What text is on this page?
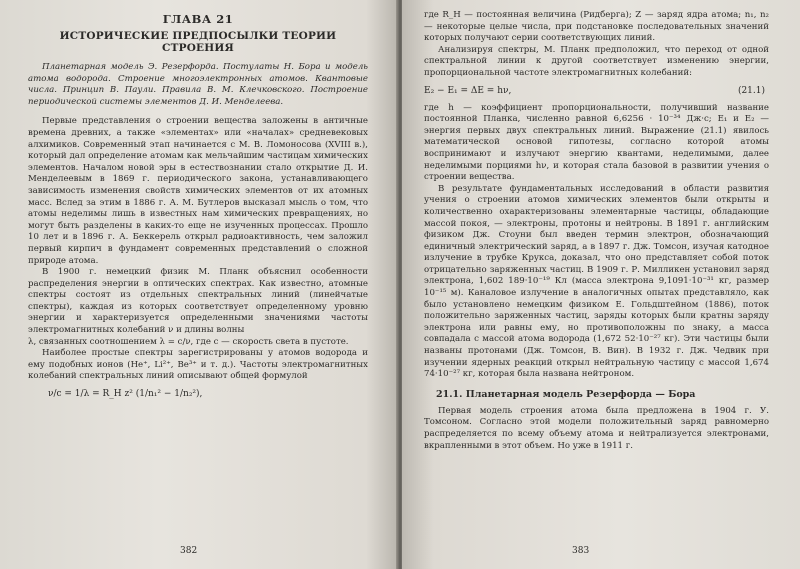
ГЛАВА 21
ИСТОРИЧЕСКИЕ ПРЕДПОСЫЛКИ ТЕОРИИ СТРОЕНИЯ

Планетарная модель Э. Резерфорда. Постулаты Н. Бора и модель атома водорода. Строение многоэлектронных атомов. Квантовые числа. Принцип В. Паули. Правила В. М. Клечковского. Построение периодической системы элементов Д. И. Менделеева.

Первые представления о строении вещества заложены в античные времена древних, а также «элементах» или «началах» средневековых алхимиков. Современный этап начинается с М. В. Ломоносова (XVIII в.), который дал определение атомам как мельчайшим частицам химических элементов. Началом новой эры в естествознании стало открытие Д. И. Менделеевым в 1869 г. периодического закона, устанавливающего зависимость изменения свойств химических элементов от их атомных масс. Вслед за этим в 1886 г. А. М. Бутлеров высказал мысль о том, что атомы неделимы лишь в известных нам химических превращениях, но могут быть разделены в каких-то еще не изученных процессах. Прошло 10 лет и в 1896 г. А. Беккерель открыл радиоактивность, чем заложил первый кирпич в фундамент современных представлений о сложной природе атома.

В 1900 г. немецкий физик М. Планк объяснил особенности распределения энергии в оптических спектрах. Как известно, атомные спектры состоят из отдельных спектральных линий (линейчатые спектры), каждая из которых соответствует определенному уровню энергии и характеризуется определенными значениями частоты электромагнитных колебаний ν и длины волны

λ, связанных соотношением λ = c/ν, где c — скорость света в пустоте.

Наиболее простые спектры зарегистрированы у атомов водорода и ему подобных ионов (He⁺, Li²⁺, Be³⁺ и т. д.). Частоты электромагнитных колебаний спектральных линий описывают общей формулой

ν/c = 1/λ = R_H z² (1/n₁² − 1/n₂²),
382

где R_H — постоянная величина (Ридберга); Z — заряд ядра атома; n₁, n₂ — некоторые целые числа, при подстановке последовательных значений которых получают серии соответствующих линий.

Анализируя спектры, М. Планк предположил, что переход от одной спектральной линии к другой соответствует изменению энергии, пропорциональной частоте электромагнитных колебаний:

E₂ − E₁ = ΔE = hν,	(21.1)

где h — коэффициент пропорциональности, получивший название постоянной Планка, численно равной 6,6256 · 10⁻³⁴ Дж·с; E₁ и E₂ — энергия первых двух спектральных линий. Выражение (21.1) явилось математической основой гипотезы, согласно которой атомы воспринимают и излучают энергию квантами, неделимыми, далее неделимыми порциями hν, и которая стала базовой в развитии учения о строении вещества.

В результате фундаментальных исследований в области развития учения о строении атомов химических элементов были открыты и количественно охарактеризованы элементарные частицы, обладающие массой покоя, — электроны, протоны и нейтроны. В 1891 г. английским физиком Дж. Стоуни был введен термин электрон, обозначающий единичный электрический заряд, а в 1897 г. Дж. Томсон, изучая катодное излучение в трубке Крукса, доказал, что оно представляет собой поток отрицательно заряженных частиц. В 1909 г. Р. Милликен установил заряд электрона, 1,602 189·10⁻¹⁹ Кл (масса электрона 9,1091·10⁻³¹ кг, размер 10⁻¹⁵ м). Каналовое излучение в аналогичных опытах представляло, как было установлено немецким физиком Е. Гольдштейном (1886), поток положительно заряженных частиц, заряды которых были кратны заряду электрона или равны ему, но противоположны по знаку, а масса совпадала с массой атома водорода (1,672 52·10⁻²⁷ кг). Эти частицы были названы протонами (Дж. Томсон, В. Вин). В 1932 г. Дж. Чедвик при изучении ядерных реакций открыл нейтральную частицу с массой 1,674 74·10⁻²⁷ кг, которая была названа нейтроном.

21.1. Планетарная модель Резерфорда — Бора

Первая модель строения атома была предложена в 1904 г. У. Томсоном. Согласно этой модели положительный заряд равномерно распределяется по всему объему атома и нейтрализуется электронами, вкрапленными в этот объем. Но уже в 1911 г.

383
